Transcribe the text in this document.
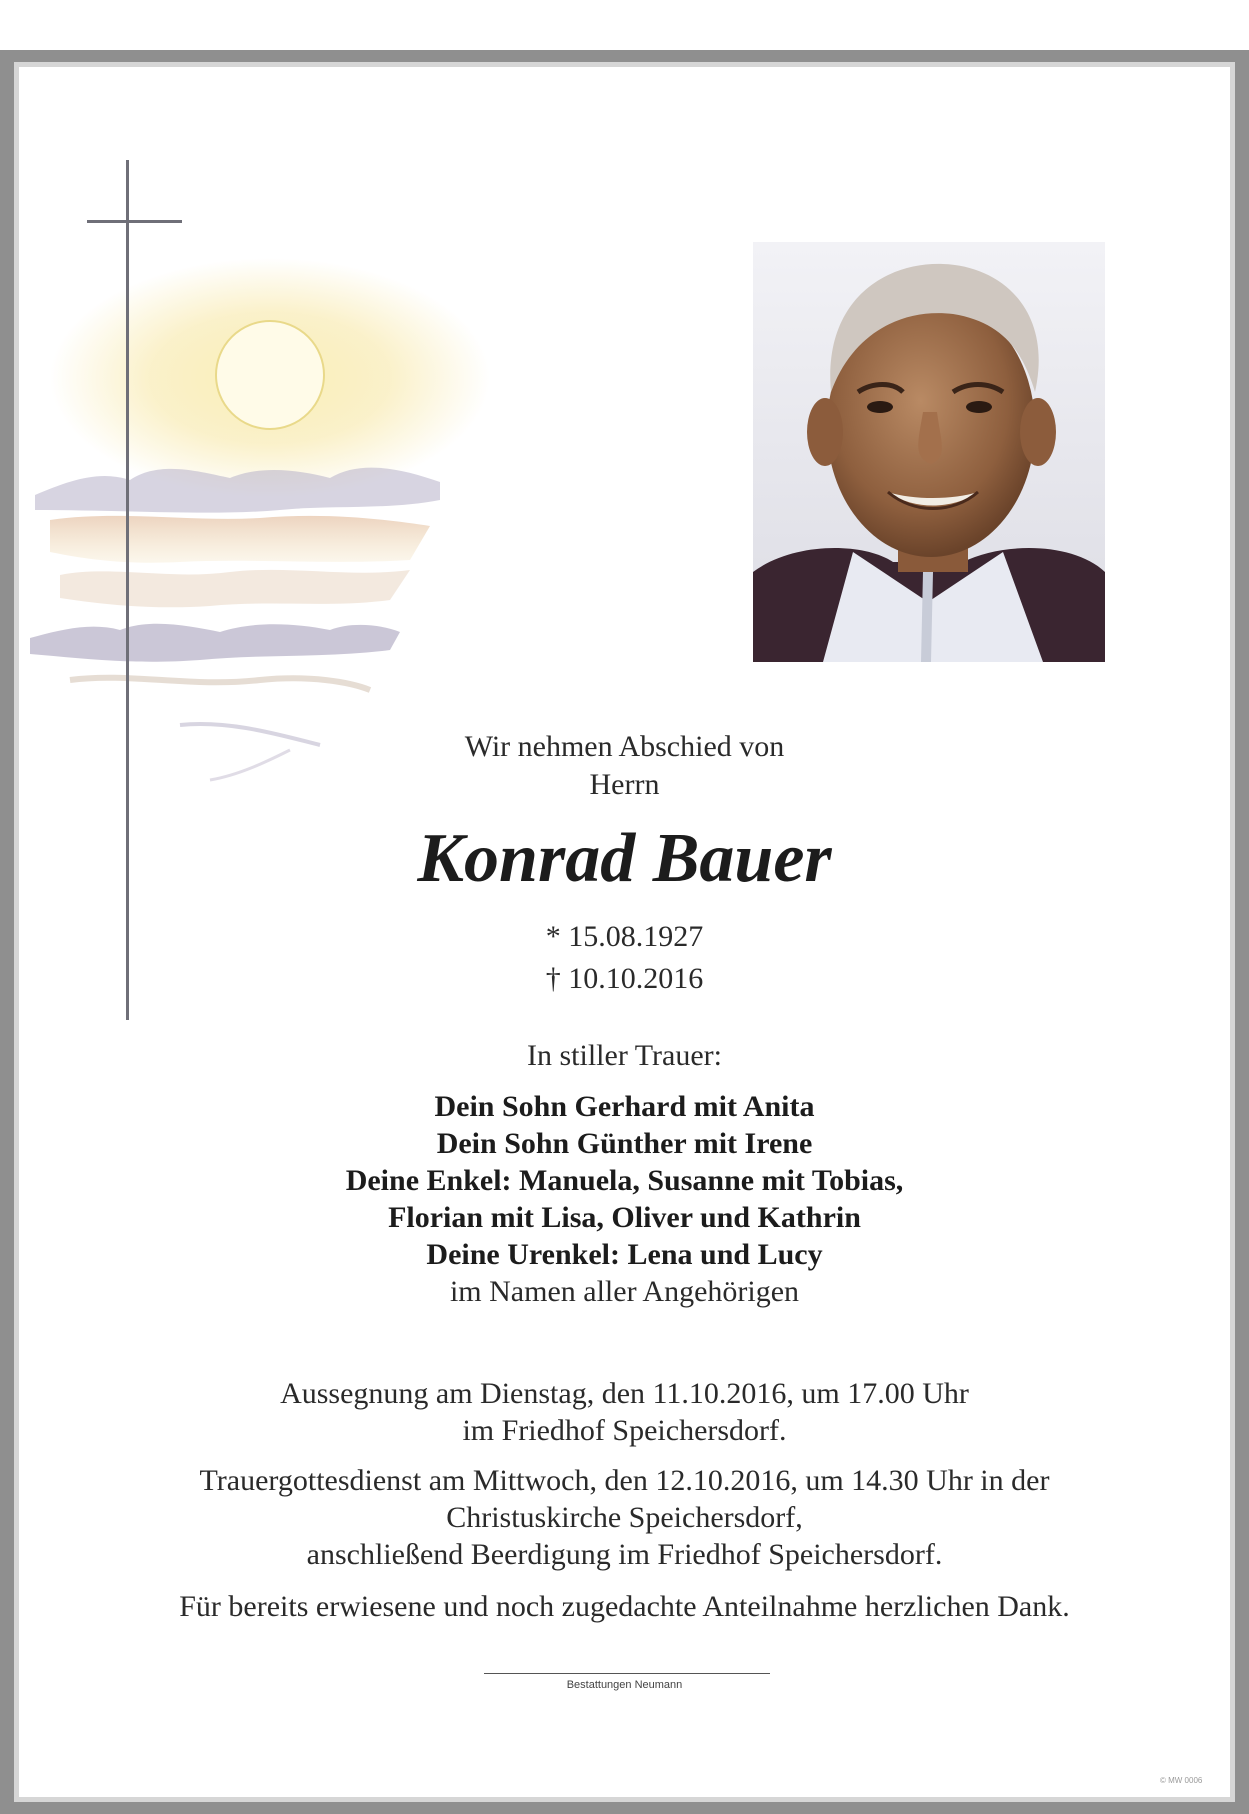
Wir nehmen Abschied von
Herrn

Konrad Bauer
* 15.08.1927
† 10.10.2016
In stiller Trauer:
Dein Sohn Gerhard mit Anita
Dein Sohn Günther mit Irene
Deine Enkel: Manuela, Susanne mit Tobias,
Florian mit Lisa, Oliver und Kathrin
Deine Urenkel: Lena und Lucy
im Namen aller Angehörigen
Aussegnung am Dienstag, den 11.10.2016, um 17.00 Uhr
im Friedhof Speichersdorf.
Trauergottesdienst am Mittwoch, den 12.10.2016, um 14.30 Uhr in der
Christuskirche Speichersdorf,
anschließend Beerdigung im Friedhof Speichersdorf.
Für bereits erwiesene und noch zugedachte Anteilnahme herzlichen Dank.
Bestattungen Neumann
© MW 0006
